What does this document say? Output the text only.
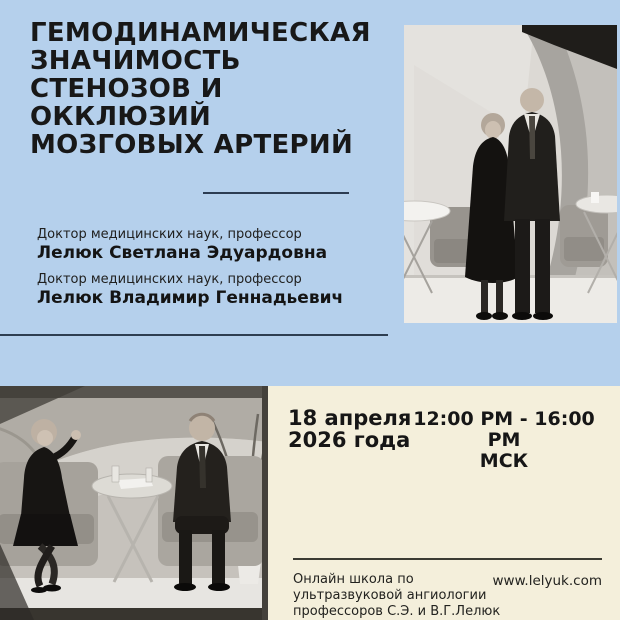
ГЕМОДИНАМИЧЕСКАЯ
ЗНАЧИМОСТЬ
СТЕНОЗОВ И
ОККЛЮЗИЙ
МОЗГОВЫХ АРТЕРИЙ
Доктор медицинских наук, профессор
Лелюк Светлана Эдуардовна
Доктор медицинских наук, профессор
Лелюк Владимир Геннадьевич
18 апреля
2026 года
12:00 PM - 16:00 PM
МСК
Онлайн школа по
ультразвуковой ангиологии
профессоров С.Э. и В.Г.Лелюк
www.lelyuk.com
